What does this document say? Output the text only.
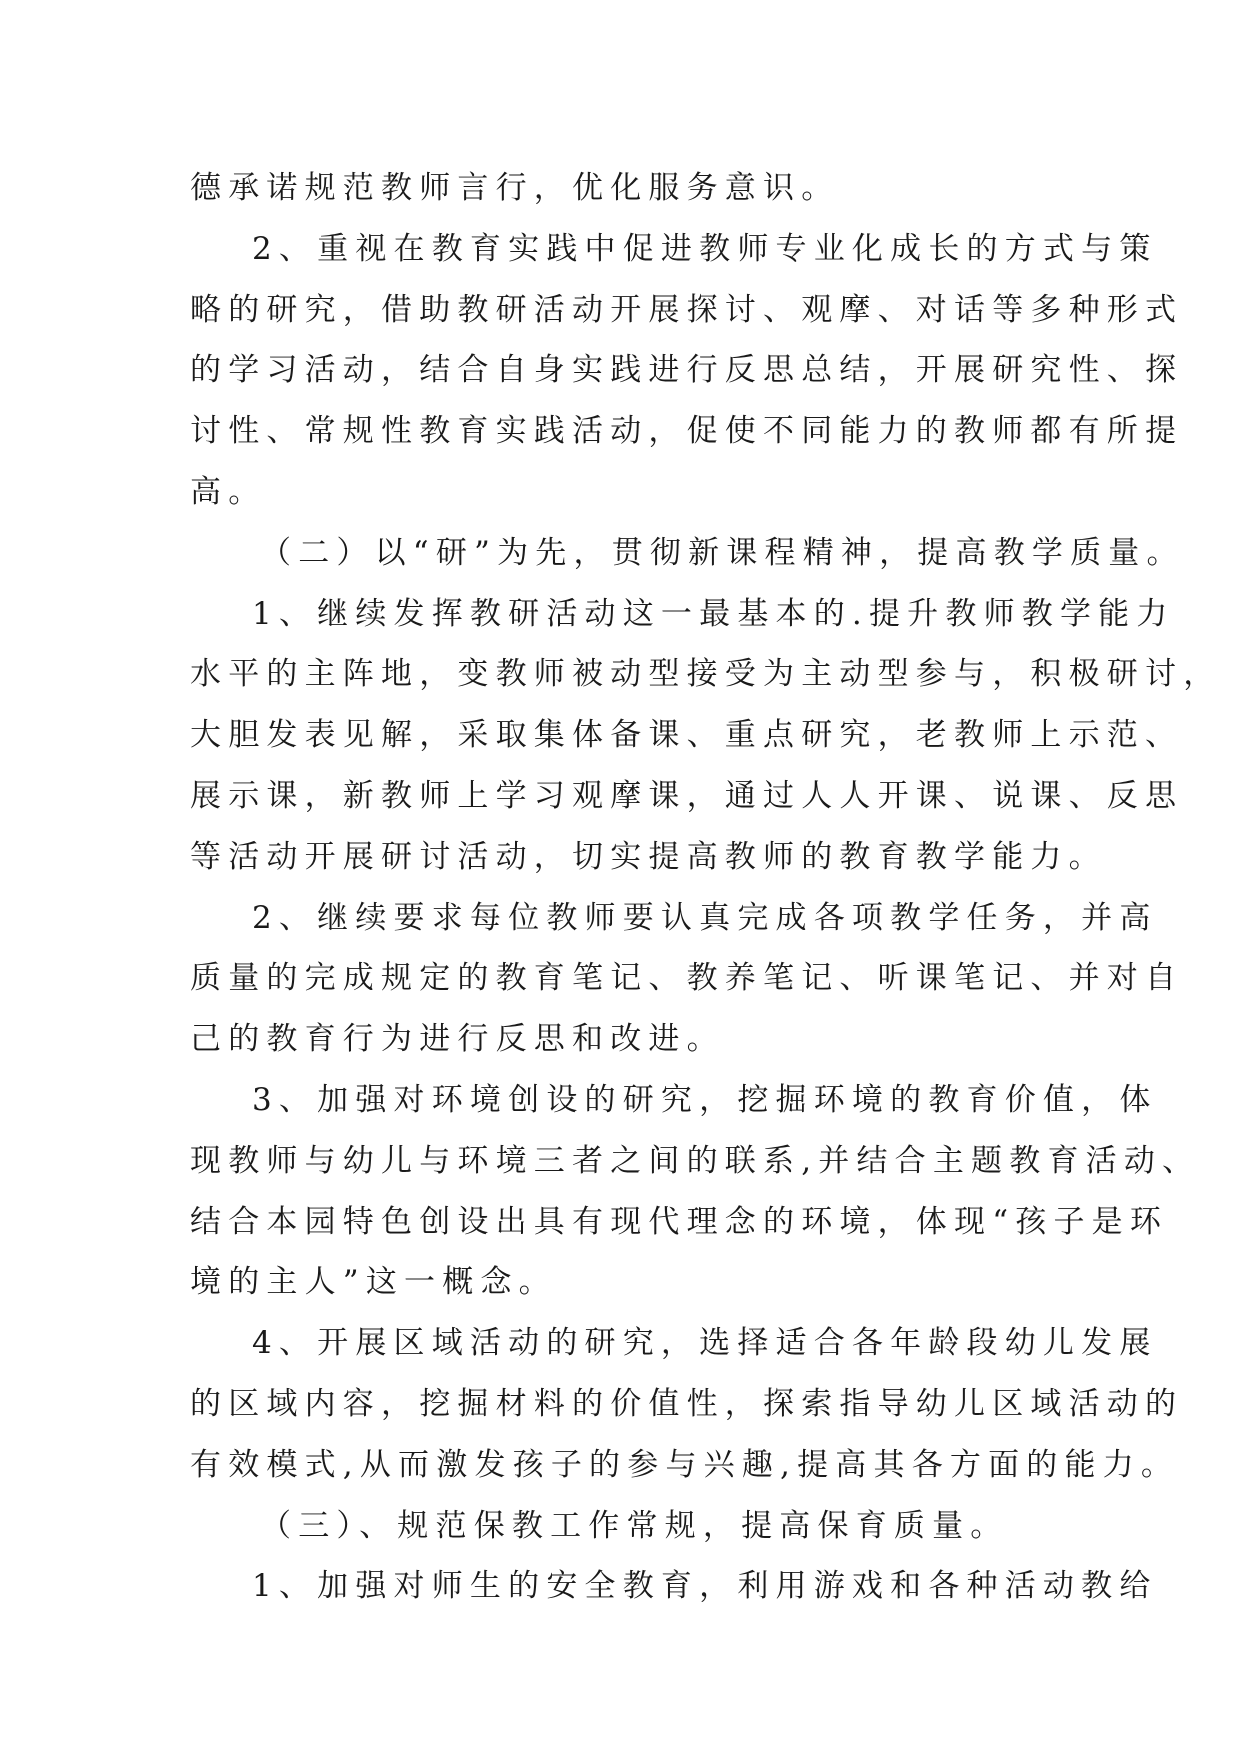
德承诺规范教师言行，优化服务意识。
2、重视在教育实践中促进教师专业化成长的方式与策
略的研究，借助教研活动开展探讨、观摩、对话等多种形式
的学习活动，结合自身实践进行反思总结，开展研究性、探
讨性、常规性教育实践活动，促使不同能力的教师都有所提
高。
（二）以“研”为先，贯彻新课程精神，提高教学质量。
1、继续发挥教研活动这一最基本的.提升教师教学能力
水平的主阵地，变教师被动型接受为主动型参与，积极研讨，
大胆发表见解，采取集体备课、重点研究，老教师上示范、
展示课，新教师上学习观摩课，通过人人开课、说课、反思
等活动开展研讨活动，切实提高教师的教育教学能力。
2、继续要求每位教师要认真完成各项教学任务，并高
质量的完成规定的教育笔记、教养笔记、听课笔记、并对自
己的教育行为进行反思和改进。
3、加强对环境创设的研究，挖掘环境的教育价值，体
现教师与幼儿与环境三者之间的联系,并结合主题教育活动、
结合本园特色创设出具有现代理念的环境，体现“孩子是环
境的主人”这一概念。
4、开展区域活动的研究，选择适合各年龄段幼儿发展
的区域内容，挖掘材料的价值性，探索指导幼儿区域活动的
有效模式,从而激发孩子的参与兴趣,提高其各方面的能力。
（三）、规范保教工作常规，提高保育质量。
1、加强对师生的安全教育，利用游戏和各种活动教给
